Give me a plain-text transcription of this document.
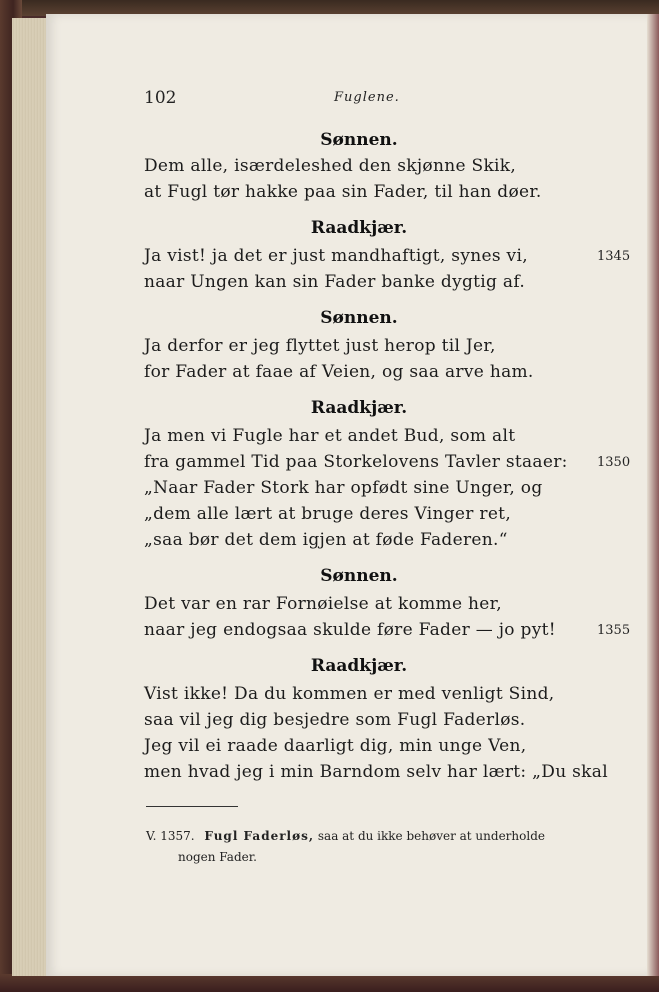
102	Fuglene.
Sønnen.
Dem alle, isærdeleshed den skjønne Skik,
at Fugl tør hakke paa sin Fader, til han døer.
Raadkjær.
Ja vist! ja det er just mandhaftigt, synes vi,	1345
naar Ungen kan sin Fader banke dygtig af.
Sønnen.
Ja derfor er jeg flyttet just herop til Jer,
for Fader at faae af Veien, og saa arve ham.
Raadkjær.
Ja men vi Fugle har et andet Bud, som alt
fra gammel Tid paa Storkelovens Tavler staaer: 1350
„Naar Fader Stork har opfødt sine Unger, og
„dem alle lært at bruge deres Vinger ret,
„saa bør det dem igjen at føde Faderen.“
Sønnen.
Det var en rar Fornøielse at komme her,
naar jeg endogsaa skulde føre Fader — jo pyt!	1355
Raadkjær.
Vist ikke! Da du kommen er med venligt Sind,
saa vil jeg dig besjedre som Fugl Faderløs.
Jeg vil ei raade daarligt dig, min unge Ven,
men hvad jeg i min Barndom selv har lært: „Du skal
V. 1357. Fugl Faderløs, saa at du ikke behøver at underholde
nogen Fader.
